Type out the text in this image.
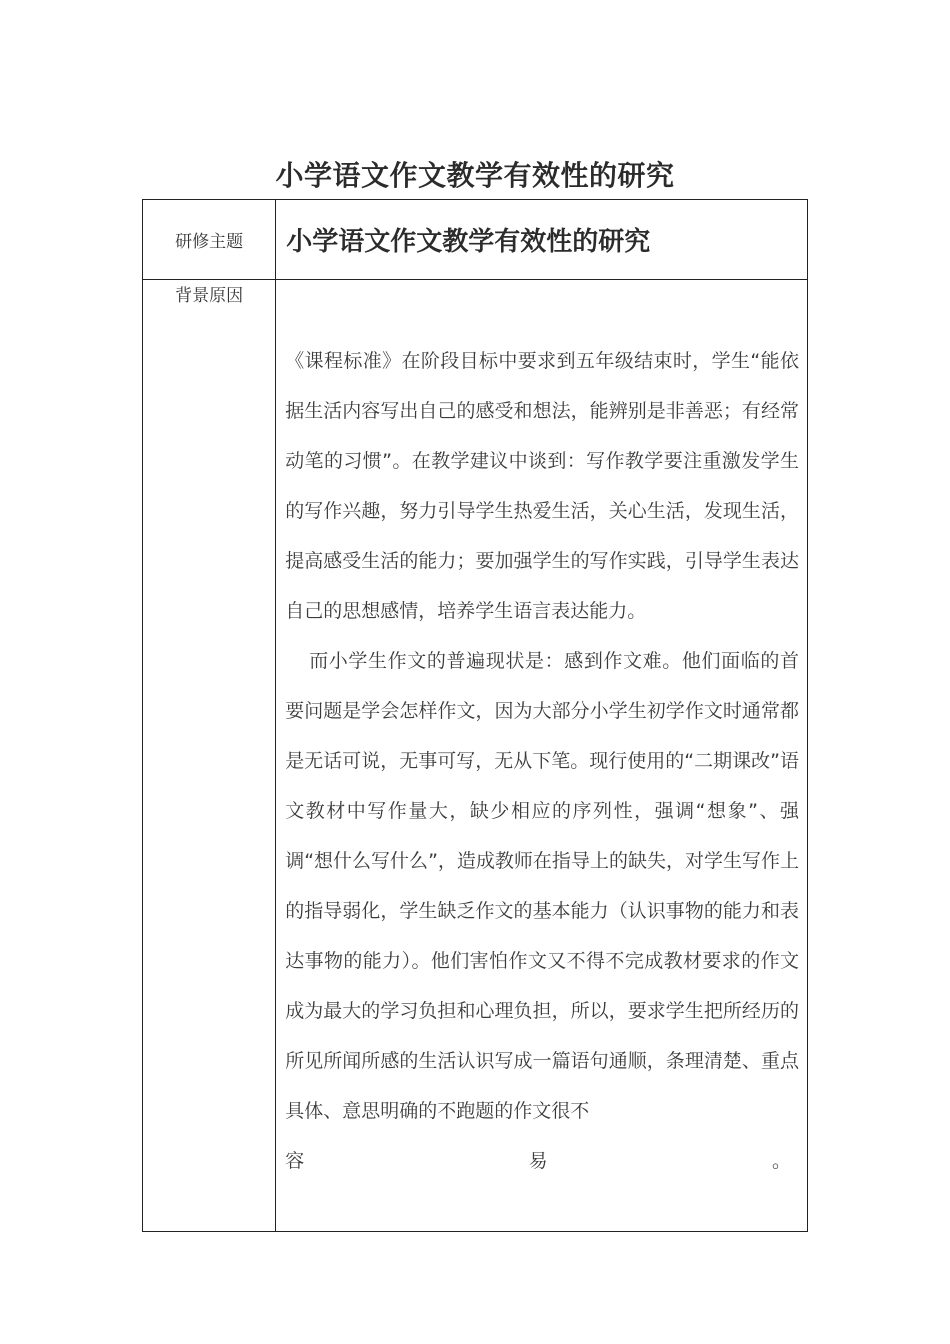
小学语文作文教学有效性的研究
研修主题	小学语文作文教学有效性的研究
背景原因	《课程标准》在阶段目标中要求到五年级结束时，学生“能依据生活内容写出自己的感受和想法，能辨别是非善恶；有经常动笔的习惯”。在教学建议中谈到：写作教学要注重激发学生的写作兴趣，努力引导学生热爱生活，关心生活，发现生活，提高感受生活的能力；要加强学生的写作实践，引导学生表达自己的思想感情，培养学生语言表达能力。

而小学生作文的普遍现状是：感到作文难。他们面临的首要问题是学会怎样作文，因为大部分小学生初学作文时通常都是无话可说，无事可写，无从下笔。现行使用的“二期课改”语文教材中写作量大，缺少相应的序列性，强调“想象”、强调“想什么写什么”，造成教师在指导上的缺失，对学生写作上的指导弱化，学生缺乏作文的基本能力（认识事物的能力和表达事物的能力）。他们害怕作文又不得不完成教材要求的作文成为最大的学习负担和心理负担，所以，要求学生把所经历的所见所闻所感的生活认识写成一篇语句通顺，条理清楚、重点具体、意思明确的不跑题的作文很不

容 易 。
